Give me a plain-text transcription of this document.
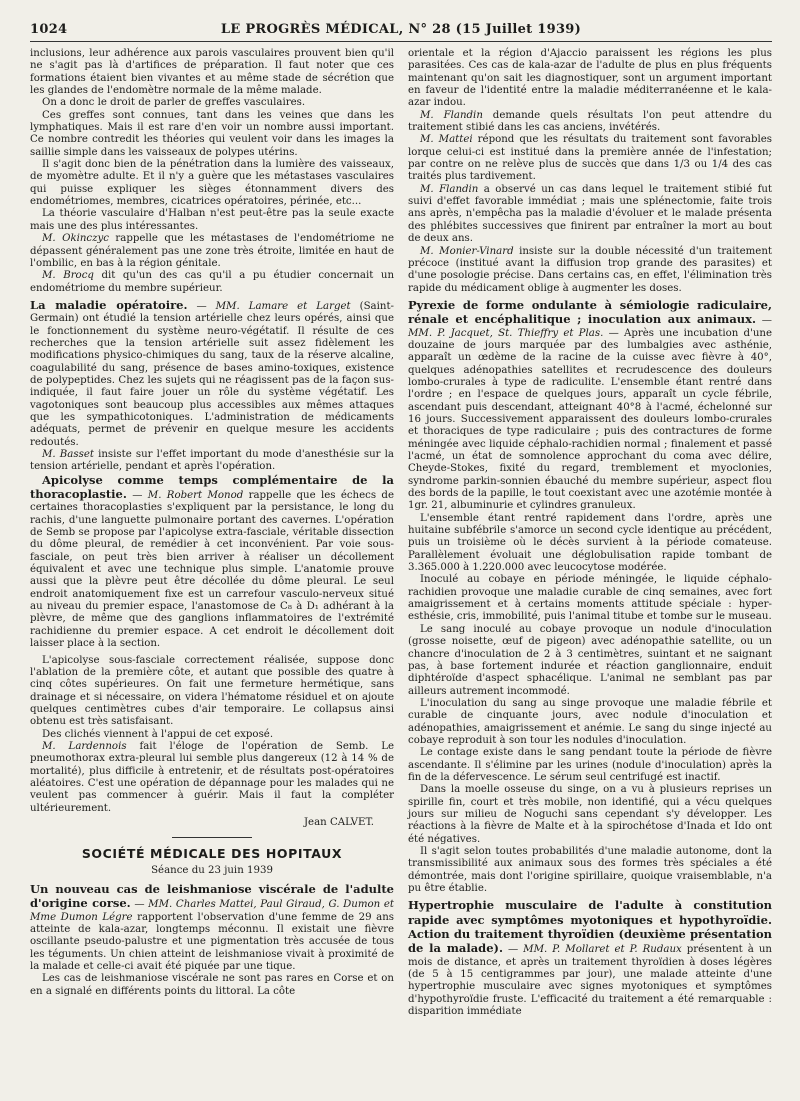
1024	LE PROGRÈS MÉDICAL, N° 28 (15 Juillet 1939)

inclusions, leur adhérence aux parois vasculaires prouvent bien qu'il ne s'agit pas là d'artifices de préparation. Il faut noter que ces formations étaient bien vivantes et au même stade de sécrétion que les glandes de l'endomètre normale de la même malade.

On a donc le droit de parler de greffes vasculaires.

Ces greffes sont connues, tant dans les veines que dans les lymphatiques. Mais il est rare d'en voir un nombre aussi important. Ce nombre contredit les théories qui veulent voir dans les images la saillie simple dans les vaisseaux de polypes utérins.

Il s'agit donc bien de la pénétration dans la lumière des vaisseaux, de myomètre adulte. Et il n'y a guère que les métastases vasculaires qui puisse expliquer les sièges étonnamment divers des endométriomes, membres, cicatrices opératoires, périnée, etc...

La théorie vasculaire d'Halban n'est peut-être pas la seule exacte mais une des plus intéressantes.

M. Okinczyc rappelle que les métastases de l'endométriome ne dépassent généralement pas une zone très étroite, limitée en haut de l'ombilic, en bas à la région génitale.

M. Brocq dit qu'un des cas qu'il a pu étudier concernait un endométriome du membre supérieur.

La maladie opératoire. — MM. Lamare et Larget (Saint-Germain) ont étudié la tension artérielle chez leurs opérés, ainsi que le fonctionnement du système neuro-végétatif. Il résulte de ces recherches que la tension artérielle suit assez fidèlement les modifications physico-chimiques du sang, taux de la réserve alcaline, coagulabilité du sang, présence de bases amino-toxiques, existence de polypeptides. Chez les sujets qui ne réagissent pas de la façon sus-indiquée, il faut faire jouer un rôle du système végétatif. Les vagotoniques sont beaucoup plus accessibles aux mêmes attaques que les sympathicotoniques. L'administration de médicaments adéquats, permet de prévenir en quelque mesure les accidents redoutés.

M. Basset insiste sur l'effet important du mode d'anesthésie sur la tension artérielle, pendant et après l'opération.

Apicolyse comme temps complémentaire de la thoracoplastie. — M. Robert Monod rappelle que les échecs de certaines thoracoplasties s'expliquent par la persistance, le long du rachis, d'une languette pulmonaire portant des cavernes. L'opération de Semb se propose par l'apicolyse extra-fasciale, véritable dissection du dôme pleural, de remédier à cet inconvénient. Par voie sous-fasciale, on peut très bien arriver à réaliser un décollement équivalent et avec une technique plus simple. L'anatomie prouve aussi que la plèvre peut être décollée du dôme pleural. Le seul endroit anatomiquement fixe est un carrefour vasculo-nerveux situé au niveau du premier espace, l'anastomose de C₈ à D₁ adhérant à la plèvre, de même que des ganglions inflammatoires de l'extrémité rachidienne du premier espace. A cet endroit le décollement doit laisser place à la section.

L'apicolyse sous-fasciale correctement réalisée, suppose donc l'ablation de la première côte, et autant que possible des quatre à cinq côtes supérieures. On fait une fermeture hermétique, sans drainage et si nécessaire, on videra l'hématome résiduel et on ajoute quelques centimètres cubes d'air temporaire. Le collapsus ainsi obtenu est très satisfaisant.

Des clichés viennent à l'appui de cet exposé.

M. Lardennois fait l'éloge de l'opération de Semb. Le pneumothorax extra-pleural lui semble plus dangereux (12 à 14 % de mortalité), plus difficile à entretenir, et de résultats post-opératoires aléatoires. C'est une opération de dépannage pour les malades qui ne veulent pas commencer à guérir. Mais il faut la compléter ultérieurement.

Jean CALVET.
SOCIÉTÉ MÉDICALE DES HOPITAUX
Séance du 23 juin 1939

Un nouveau cas de leishmaniose viscérale de l'adulte d'origine corse. — MM. Charles Mattei, Paul Giraud, G. Dumon et Mme Dumon Légre rapportent l'observation d'une femme de 29 ans atteinte de kala-azar, longtemps méconnu. Il existait une fièvre oscillante pseudo-palustre et une pigmentation très accusée de tous les téguments. Un chien atteint de leishmaniose vivait à proximité de la malade et celle-ci avait été piquée par une tique.

Les cas de leishmaniose viscérale ne sont pas rares en Corse et on en a signalé en différents points du littoral. La côte

orientale et la région d'Ajaccio paraissent les régions les plus parasitées. Ces cas de kala-azar de l'adulte de plus en plus fréquents maintenant qu'on sait les diagnostiquer, sont un argument important en faveur de l'identité entre la maladie méditerranéenne et le kala-azar indou.

M. Flandin demande quels résultats l'on peut attendre du traitement stibié dans les cas anciens, invétérés.

M. Mattei répond que les résultats du traitement sont favorables lorque celui-ci est institué dans la première année de l'infestation; par contre on ne relève plus de succès que dans 1/3 ou 1/4 des cas traités plus tardivement.

M. Flandin a observé un cas dans lequel le traitement stibié fut suivi d'effet favorable immédiat ; mais une splénectomie, faite trois ans après, n'empêcha pas la maladie d'évoluer et le malade présenta des phlébites successives que finirent par entraîner la mort au bout de deux ans.

M. Monier-Vinard insiste sur la double nécessité d'un traitement précoce (institué avant la diffusion trop grande des parasites) et d'une posologie précise. Dans certains cas, en effet, l'élimination très rapide du médicament oblige à augmenter les doses.

Pyrexie de forme ondulante à sémiologie radiculaire, rénale et encéphalitique ; inoculation aux animaux. — MM. P. Jacquet, St. Thieffry et Plas. — Après une incubation d'une douzaine de jours marquée par des lumbalgies avec asthénie, apparaît un œdème de la racine de la cuisse avec fièvre à 40°, quelques adénopathies satellites et recrudescence des douleurs lombo-crurales à type de radiculite. L'ensemble étant rentré dans l'ordre ; en l'espace de quelques jours, apparaît un cycle fébrile, ascendant puis descendant, atteignant 40°8 à l'acmé, échelonné sur 16 jours. Successivement apparaissent des douleurs lombo-crurales et thoraciques de type radiculaire ; puis des contractures de forme méningée avec liquide céphalo-rachidien normal ; finalement et passé l'acmé, un état de somnolence approchant du coma avec délire, Cheyde-Stokes, fixité du regard, tremblement et myoclonies, syndrome parkin-sonnien ébauché du membre supérieur, aspect flou des bords de la papille, le tout coexistant avec une azotémie montée à 1gr. 21, albuminurie et cylindres granuleux.

L'ensemble étant rentré rapidement dans l'ordre, après une huitaine subfébrile s'amorce un second cycle identique au précédent, puis un troisième où le décès survient à la période comateuse. Parallèlement évoluait une déglobulisation rapide tombant de 3.365.000 à 1.220.000 avec leucocytose modérée.

Inoculé au cobaye en période méningée, le liquide céphalo-rachidien provoque une maladie curable de cinq semaines, avec fort amaigrissement et à certains moments attitude spéciale : hyper-esthésie, cris, immobilité, puis l'animal titube et tombe sur le museau.

Le sang inoculé au cobaye provoque un nodule d'inoculation (grosse noisette, œuf de pigeon) avec adénopathie satellite, ou un chancre d'inoculation de 2 à 3 centimètres, suintant et ne saignant pas, à base fortement indurée et réaction ganglionnaire, enduit diphtéroïde d'aspect sphacélique. L'animal ne semblant pas par ailleurs autrement incommodé.

L'inoculation du sang au singe provoque une maladie fébrile et curable de cinquante jours, avec nodule d'inoculation et adénopathies, amaigrissement et anémie. Le sang du singe injecté au cobaye reproduit à son tour les nodules d'inoculation.

Le contage existe dans le sang pendant toute la période de fièvre ascendante. Il s'élimine par les urines (nodule d'inoculation) après la fin de la défervescence. Le sérum seul centrifugé est inactif.

Dans la moelle osseuse du singe, on a vu à plusieurs reprises un spirille fin, court et très mobile, non identifié, qui a vécu quelques jours sur milieu de Noguchi sans cependant s'y développer. Les réactions à la fièvre de Malte et à la spirochétose d'Inada et Ido ont été négatives.

Il s'agit selon toutes probabilités d'une maladie autonome, dont la transmissibilité aux animaux sous des formes très spéciales a été démontrée, mais dont l'origine spirillaire, quoique vraisemblable, n'a pu être établie.

Hypertrophie musculaire de l'adulte à constitution rapide avec symptômes myotoniques et hypothyroïdie. Action du traitement thyroïdien (deuxième présentation de la malade). — MM. P. Mollaret et P. Rudaux présentent à un mois de distance, et après un traitement thyroïdien à doses légères (de 5 à 15 centigrammes par jour), une malade atteinte d'une hypertrophie musculaire avec signes myotoniques et symptômes d'hypothyroïdie fruste. L'efficacité du traitement a été remarquable : disparition immédiate
